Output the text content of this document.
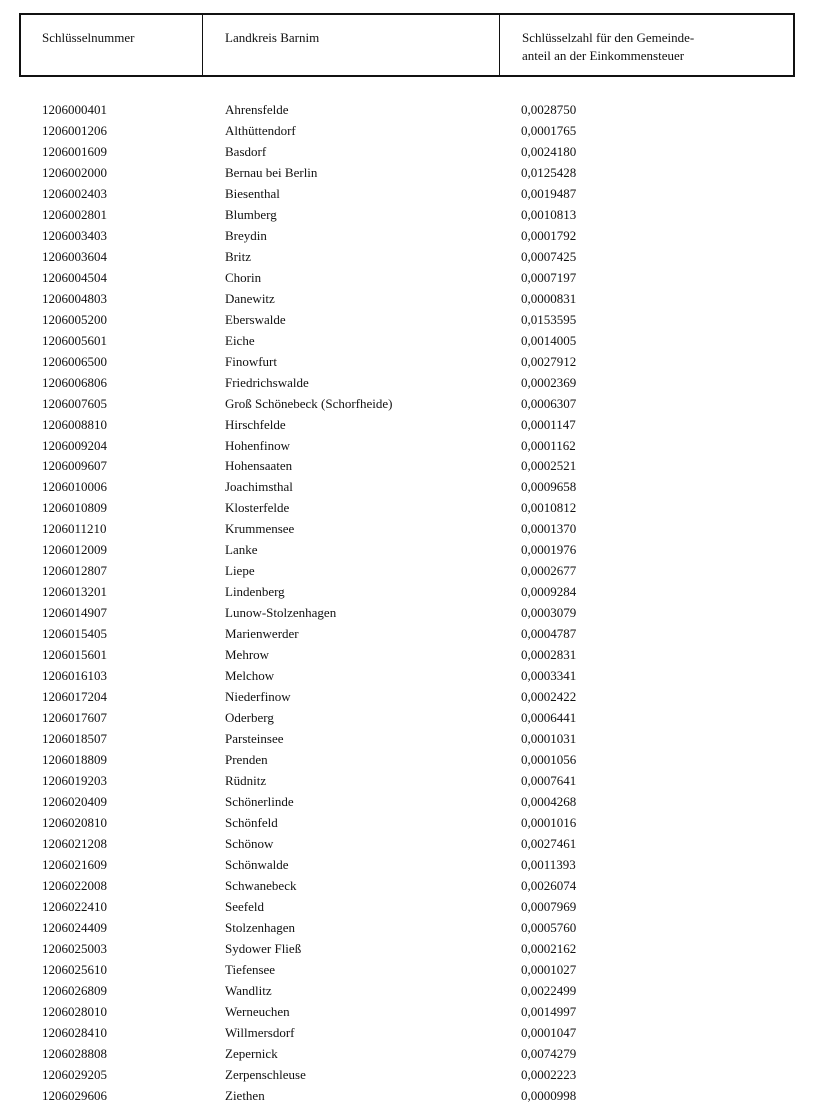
Schlüsselnummer	Landkreis Barnim	Schlüsselzahl für den Gemeinde-
anteil an der Einkommensteuer
1206000401	Ahrensfelde	0,0028750
1206001206	Althüttendorf	0,0001765
1206001609	Basdorf	0,0024180
1206002000	Bernau bei Berlin	0,0125428
1206002403	Biesenthal	0,0019487
1206002801	Blumberg	0,0010813
1206003403	Breydin	0,0001792
1206003604	Britz	0,0007425
1206004504	Chorin	0,0007197
1206004803	Danewitz	0,0000831
1206005200	Eberswalde	0,0153595
1206005601	Eiche	0,0014005
1206006500	Finowfurt	0,0027912
1206006806	Friedrichswalde	0,0002369
1206007605	Groß Schönebeck (Schorfheide)	0,0006307
1206008810	Hirschfelde	0,0001147
1206009204	Hohenfinow	0,0001162
1206009607	Hohensaaten	0,0002521
1206010006	Joachimsthal	0,0009658
1206010809	Klosterfelde	0,0010812
1206011210	Krummensee	0,0001370
1206012009	Lanke	0,0001976
1206012807	Liepe	0,0002677
1206013201	Lindenberg	0,0009284
1206014907	Lunow-Stolzenhagen	0,0003079
1206015405	Marienwerder	0,0004787
1206015601	Mehrow	0,0002831
1206016103	Melchow	0,0003341
1206017204	Niederfinow	0,0002422
1206017607	Oderberg	0,0006441
1206018507	Parsteinsee	0,0001031
1206018809	Prenden	0,0001056
1206019203	Rüdnitz	0,0007641
1206020409	Schönerlinde	0,0004268
1206020810	Schönfeld	0,0001016
1206021208	Schönow	0,0027461
1206021609	Schönwalde	0,0011393
1206022008	Schwanebeck	0,0026074
1206022410	Seefeld	0,0007969
1206024409	Stolzenhagen	0,0005760
1206025003	Sydower Fließ	0,0002162
1206025610	Tiefensee	0,0001027
1206026809	Wandlitz	0,0022499
1206028010	Werneuchen	0,0014997
1206028410	Willmersdorf	0,0001047
1206028808	Zepernick	0,0074279
1206029205	Zerpenschleuse	0,0002223
1206029606	Ziethen	0,0000998
